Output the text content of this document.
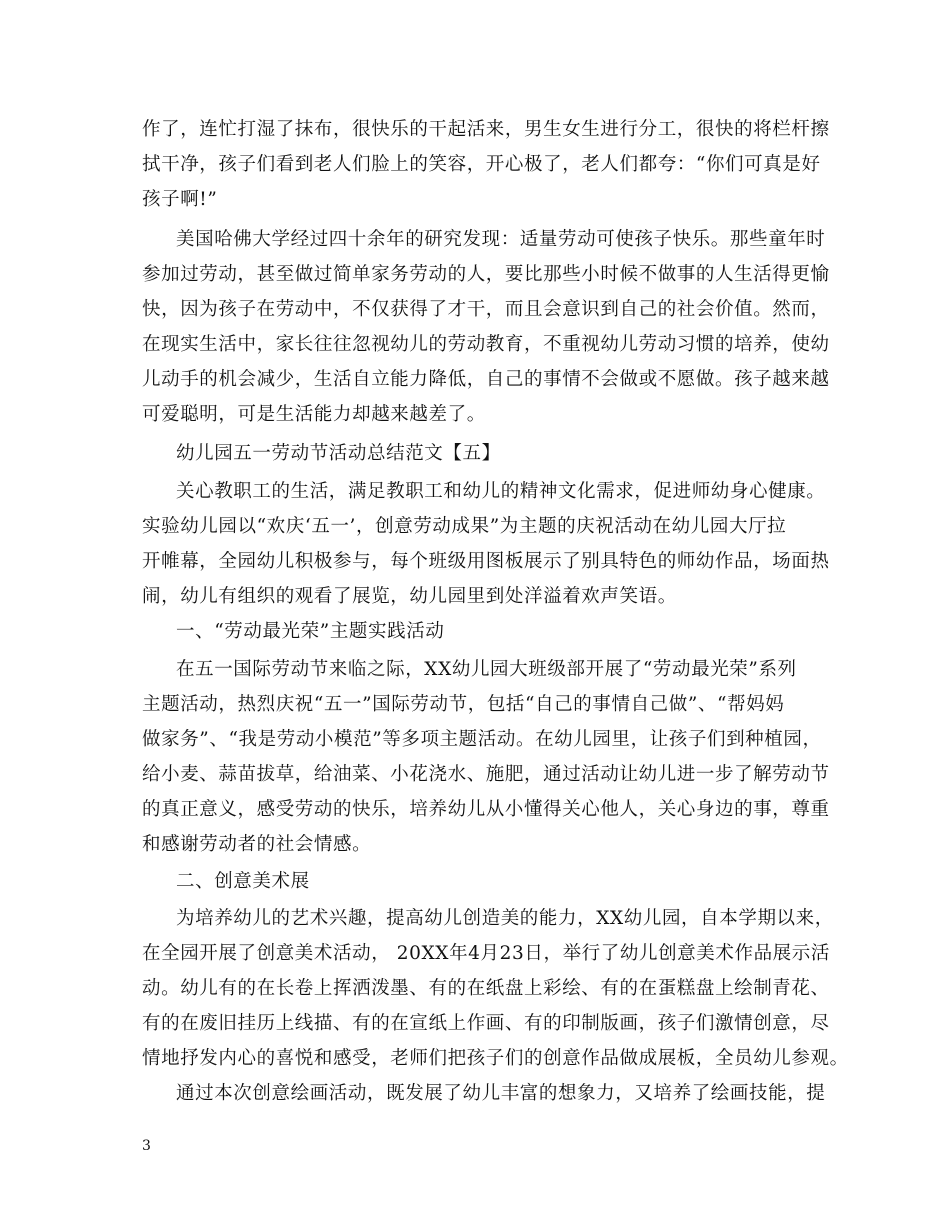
作了，连忙打湿了抹布，很快乐的干起活来，男生女生进行分工，很快的将栏杆擦
拭干净，孩子们看到老人们脸上的笑容，开心极了，老人们都夸：“你们可真是好
孩子啊!”
美国哈佛大学经过四十余年的研究发现：适量劳动可使孩子快乐。那些童年时
参加过劳动，甚至做过简单家务劳动的人，要比那些小时候不做事的人生活得更愉
快，因为孩子在劳动中，不仅获得了才干，而且会意识到自己的社会价值。然而，
在现实生活中，家长往往忽视幼儿的劳动教育，不重视幼儿劳动习惯的培养，使幼
儿动手的机会减少，生活自立能力降低，自己的事情不会做或不愿做。孩子越来越
可爱聪明，可是生活能力却越来越差了。
幼儿园五一劳动节活动总结范文【五】
关心教职工的生活，满足教职工和幼儿的精神文化需求，促进师幼身心健康。
实验幼儿园以“欢庆‘五一’，创意劳动成果”为主题的庆祝活动在幼儿园大厅拉
开帷幕，全园幼儿积极参与，每个班级用图板展示了别具特色的师幼作品，场面热
闹，幼儿有组织的观看了展览，幼儿园里到处洋溢着欢声笑语。
一、“劳动最光荣”主题实践活动
在五一国际劳动节来临之际，XX幼儿园大班级部开展了“劳动最光荣”系列
主题活动，热烈庆祝“五一”国际劳动节，包括“自己的事情自己做”、“帮妈妈
做家务”、“我是劳动小模范”等多项主题活动。在幼儿园里，让孩子们到种植园，
给小麦、蒜苗拔草，给油菜、小花浇水、施肥，通过活动让幼儿进一步了解劳动节
的真正意义，感受劳动的快乐，培养幼儿从小懂得关心他人，关心身边的事，尊重
和感谢劳动者的社会情感。
二、创意美术展
为培养幼儿的艺术兴趣，提高幼儿创造美的能力，XX幼儿园，自本学期以来，
在全园开展了创意美术活动， 20XX年4月23日，举行了幼儿创意美术作品展示活
动。幼儿有的在长卷上挥洒泼墨、有的在纸盘上彩绘、有的在蛋糕盘上绘制青花、
有的在废旧挂历上线描、有的在宣纸上作画、有的印制版画，孩子们激情创意，尽
情地抒发内心的喜悦和感受，老师们把孩子们的创意作品做成展板，全员幼儿参观。
通过本次创意绘画活动，既发展了幼儿丰富的想象力，又培养了绘画技能，提
3
